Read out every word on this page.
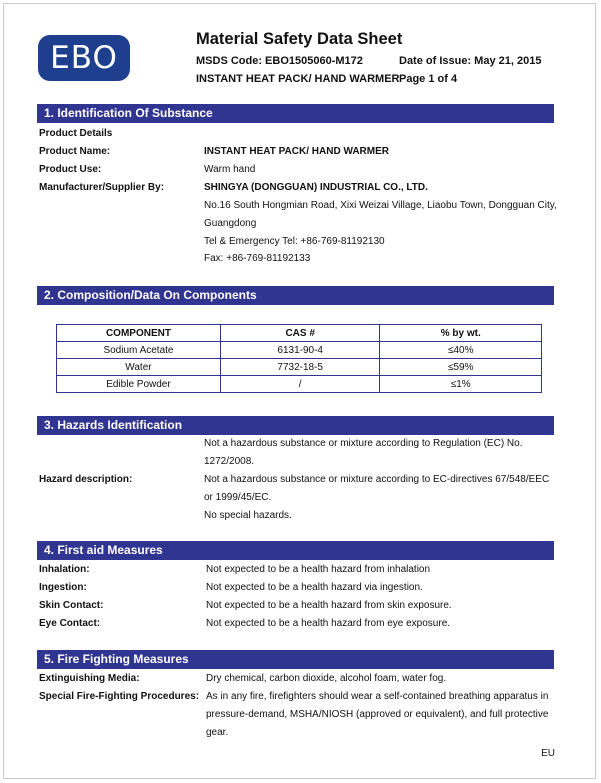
EBO
Material Safety Data Sheet
MSDS Code: EBO1505060-M172
INSTANT HEAT PACK/ HAND WARMER
Date of Issue: May 21, 2015
Page 1 of 4
1. Identification Of Substance
Product Details
Product Name:	INSTANT HEAT PACK/ HAND WARMER
Product Use:	Warm hand
Manufacturer/Supplier By:	SHINGYA (DONGGUAN) INDUSTRIAL CO., LTD.
No.16 South Hongmian Road, Xixi Weizai Village, Liaobu Town, Dongguan City,
Guangdong
Tel & Emergency Tel: +86-769-81192130
Fax: +86-769-81192133
2. Composition/Data On Components
COMPONENT	CAS #	% by wt.
Sodium Acetate	6131-90-4	≤40%
Water	7732-18-5	≤59%
Edible Powder	/	≤1%
3. Hazards Identification
Not a hazardous substance or mixture according to Regulation (EC) No.
1272/2008.
Hazard description:	Not a hazardous substance or mixture according to EC-directives 67/548/EEC
or 1999/45/EC.
No special hazards.
4. First aid Measures
Inhalation:	Not expected to be a health hazard from inhalation
Ingestion:	Not expected to be a health hazard via ingestion.
Skin Contact:	Not expected to be a health hazard from skin exposure.
Eye Contact:	Not expected to be a health hazard from eye exposure.
5. Fire Fighting Measures
Extinguishing Media:	Dry chemical, carbon dioxide, alcohol foam, water fog.
Special Fire-Fighting Procedures: As in any fire, firefighters should wear a self-contained breathing apparatus in
pressure-demand, MSHA/NIOSH (approved or equivalent), and full protective
gear.
EU
